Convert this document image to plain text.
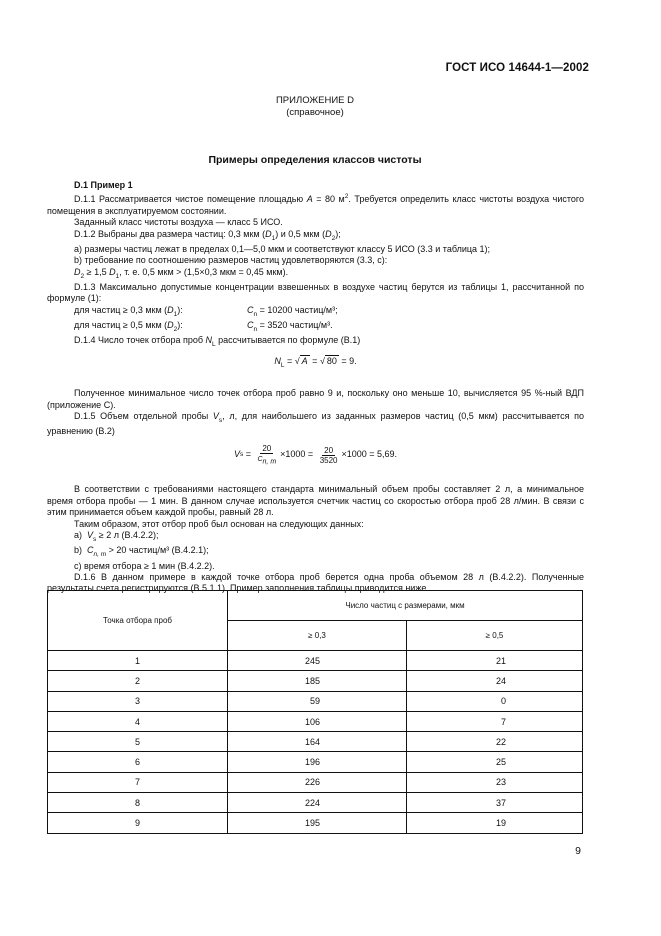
ГОСТ ИСО 14644-1—2002
ПРИЛОЖЕНИЕ D
(справочное)
Примеры определения классов чистоты

D.1 Пример 1

D.1.1 Рассматривается чистое помещение площадью A = 80 $м^2$. Требуется определить класс чистоты воздуха чистого помещения в эксплуатируемом состоянии.

Заданный класс чистоты воздуха — класс 5 ИСО.

D.1.2 Выбраны два размера частиц: 0,3 мкм $(D_1)$ и 0,5 мкм $(D_2)$;

а) размеры частиц лежат в пределах 0,1—5,0 мкм и соответствуют классу 5 ИСО (3.3 и таблица 1);

b) требование по соотношению размеров частиц удовлетворяются (3.3, с):

$D_2 \ge 1,5$ $D_1$, т. е. 0,5 мкм > (1,5×0,3 мкм = 0,45 мкм).

D.1.3 Максимально допустимые концентрации взвешенных в воздухе частиц берутся из таблицы 1, рассчитанной по формуле (1):

для частиц ≥ 0,3 мкм $(D_1)$:	$C_n = 10200$ частиц/м³;
для частиц ≥ 0,5 мкм $(D_2)$:	$C_n = 3520$ частиц/м³.

D.1.4 Число точек отбора проб $N_L$ рассчитывается по формуле (В.1)

$N_L$ = √ A = √ 80 = 9.

Полученное минимальное число точек отбора проб равно 9 и, поскольку оно меньше 10, вычисляется 95 %-ный ВДП (приложение С).

D.1.5 Объем отдельной пробы $V_s$, л, для наибольшего из заданных размеров частиц (0,5 мкм) рассчитывается по уравнению (В.2)

V $s = \frac{20}{C_{n, m}} \times 1000 = \frac{20}{3520} \times 1000 = 5,69$.

В соответствии с требованиями настоящего стандарта минимальный объем пробы составляет 2 л, а минимальное время отбора пробы — 1 мин. В данном случае используется счетчик частиц со скоростью отбора проб 28 л/мин. В связи с этим принимается объем каждой пробы, равный 28 л.

Таким образом, этот отбор проб был основан на следующих данных:

а)  $V_s \ge 2$ л (В.4.2.2);

b)  $C_{n, m} > 20$ частиц/м³ (В.4.2.1);

с) время отбора ≥ 1 мин (В.4.2.2).

D.1.6 В данном примере в каждой точке отбора проб берется одна проба объемом 28 л (В.4.2.2). Полученные результаты счета регистрируются (В.5.1.1). Пример заполнения таблицы приводится ниже.

Точка отбора проб	Число частиц с размерами, мкм	
	≥ 0,3	≥ 0,5
1	245	21
2	185	24
3	59	0
4	106	7
5	164	22
6	196	25
7	226	23
8	224	37
9	195	19
9
